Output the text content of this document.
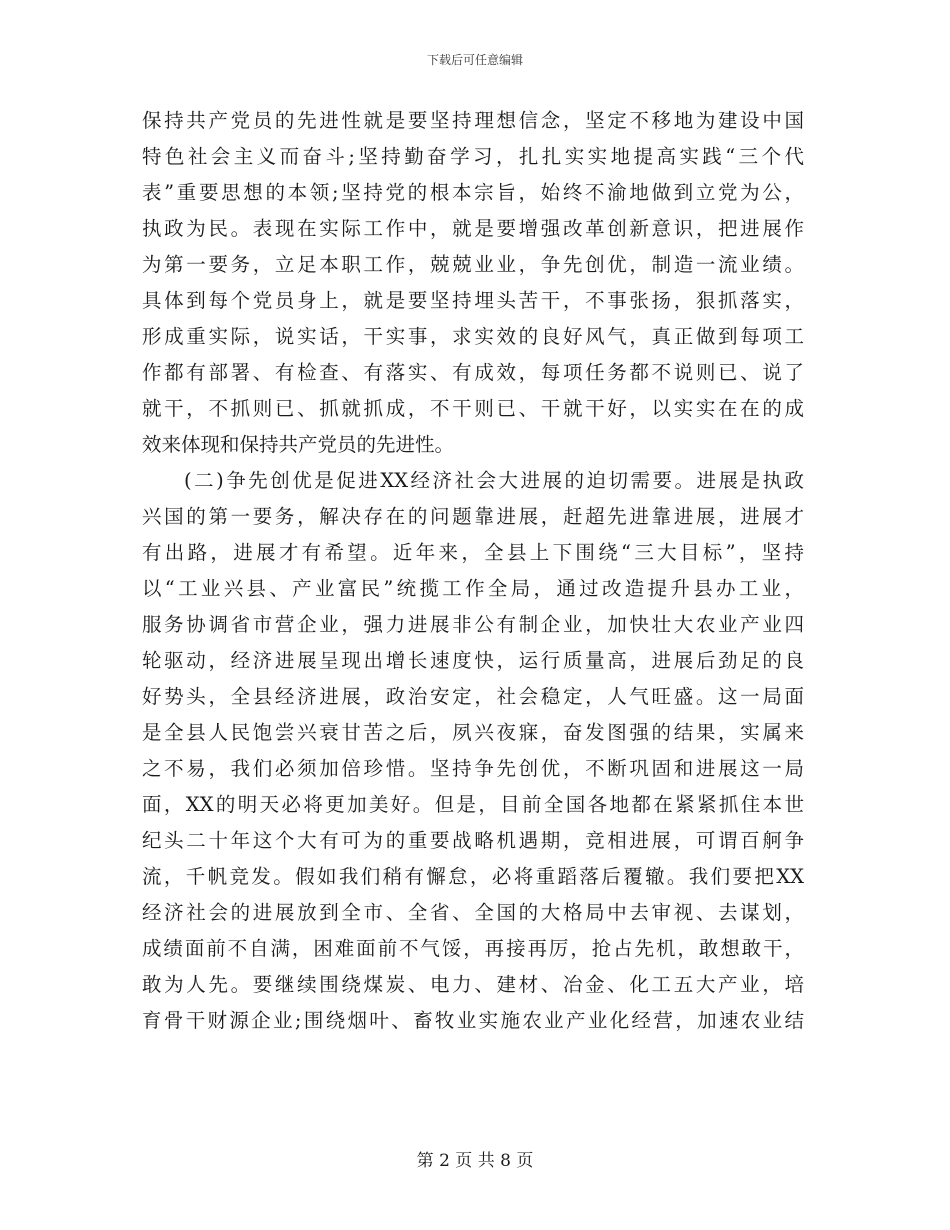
下载后可任意编辑
保持共产党员的先进性就是要坚持理想信念，坚定不移地为建设中国
特色社会主义而奋斗;坚持勤奋学习，扎扎实实地提高实践“三个代
表”重要思想的本领;坚持党的根本宗旨，始终不渝地做到立党为公，
执政为民。表现在实际工作中，就是要增强改革创新意识，把进展作
为第一要务，立足本职工作，兢兢业业，争先创优，制造一流业绩。
具体到每个党员身上，就是要坚持埋头苦干，不事张扬，狠抓落实，
形成重实际，说实话，干实事，求实效的良好风气，真正做到每项工
作都有部署、有检查、有落实、有成效，每项任务都不说则已、说了
就干，不抓则已、抓就抓成，不干则已、干就干好，以实实在在的成
效来体现和保持共产党员的先进性。
(二)争先创优是促进XX经济社会大进展的迫切需要。进展是执政
兴国的第一要务，解决存在的问题靠进展，赶超先进靠进展，进展才
有出路，进展才有希望。近年来，全县上下围绕“三大目标”，坚持
以“工业兴县、产业富民”统揽工作全局，通过改造提升县办工业，
服务协调省市营企业，强力进展非公有制企业，加快壮大农业产业四
轮驱动，经济进展呈现出增长速度快，运行质量高，进展后劲足的良
好势头，全县经济进展，政治安定，社会稳定，人气旺盛。这一局面
是全县人民饱尝兴衰甘苦之后，夙兴夜寐，奋发图强的结果，实属来
之不易，我们必须加倍珍惜。坚持争先创优，不断巩固和进展这一局
面，XX的明天必将更加美好。但是，目前全国各地都在紧紧抓住本世
纪头二十年这个大有可为的重要战略机遇期，竞相进展，可谓百舸争
流，千帆竞发。假如我们稍有懈怠，必将重蹈落后覆辙。我们要把XX
经济社会的进展放到全市、全省、全国的大格局中去审视、去谋划，
成绩面前不自满，困难面前不气馁，再接再厉，抢占先机，敢想敢干，
敢为人先。要继续围绕煤炭、电力、建材、冶金、化工五大产业，培
育骨干财源企业;围绕烟叶、畜牧业实施农业产业化经营，加速农业结
第 2 页 共 8 页
